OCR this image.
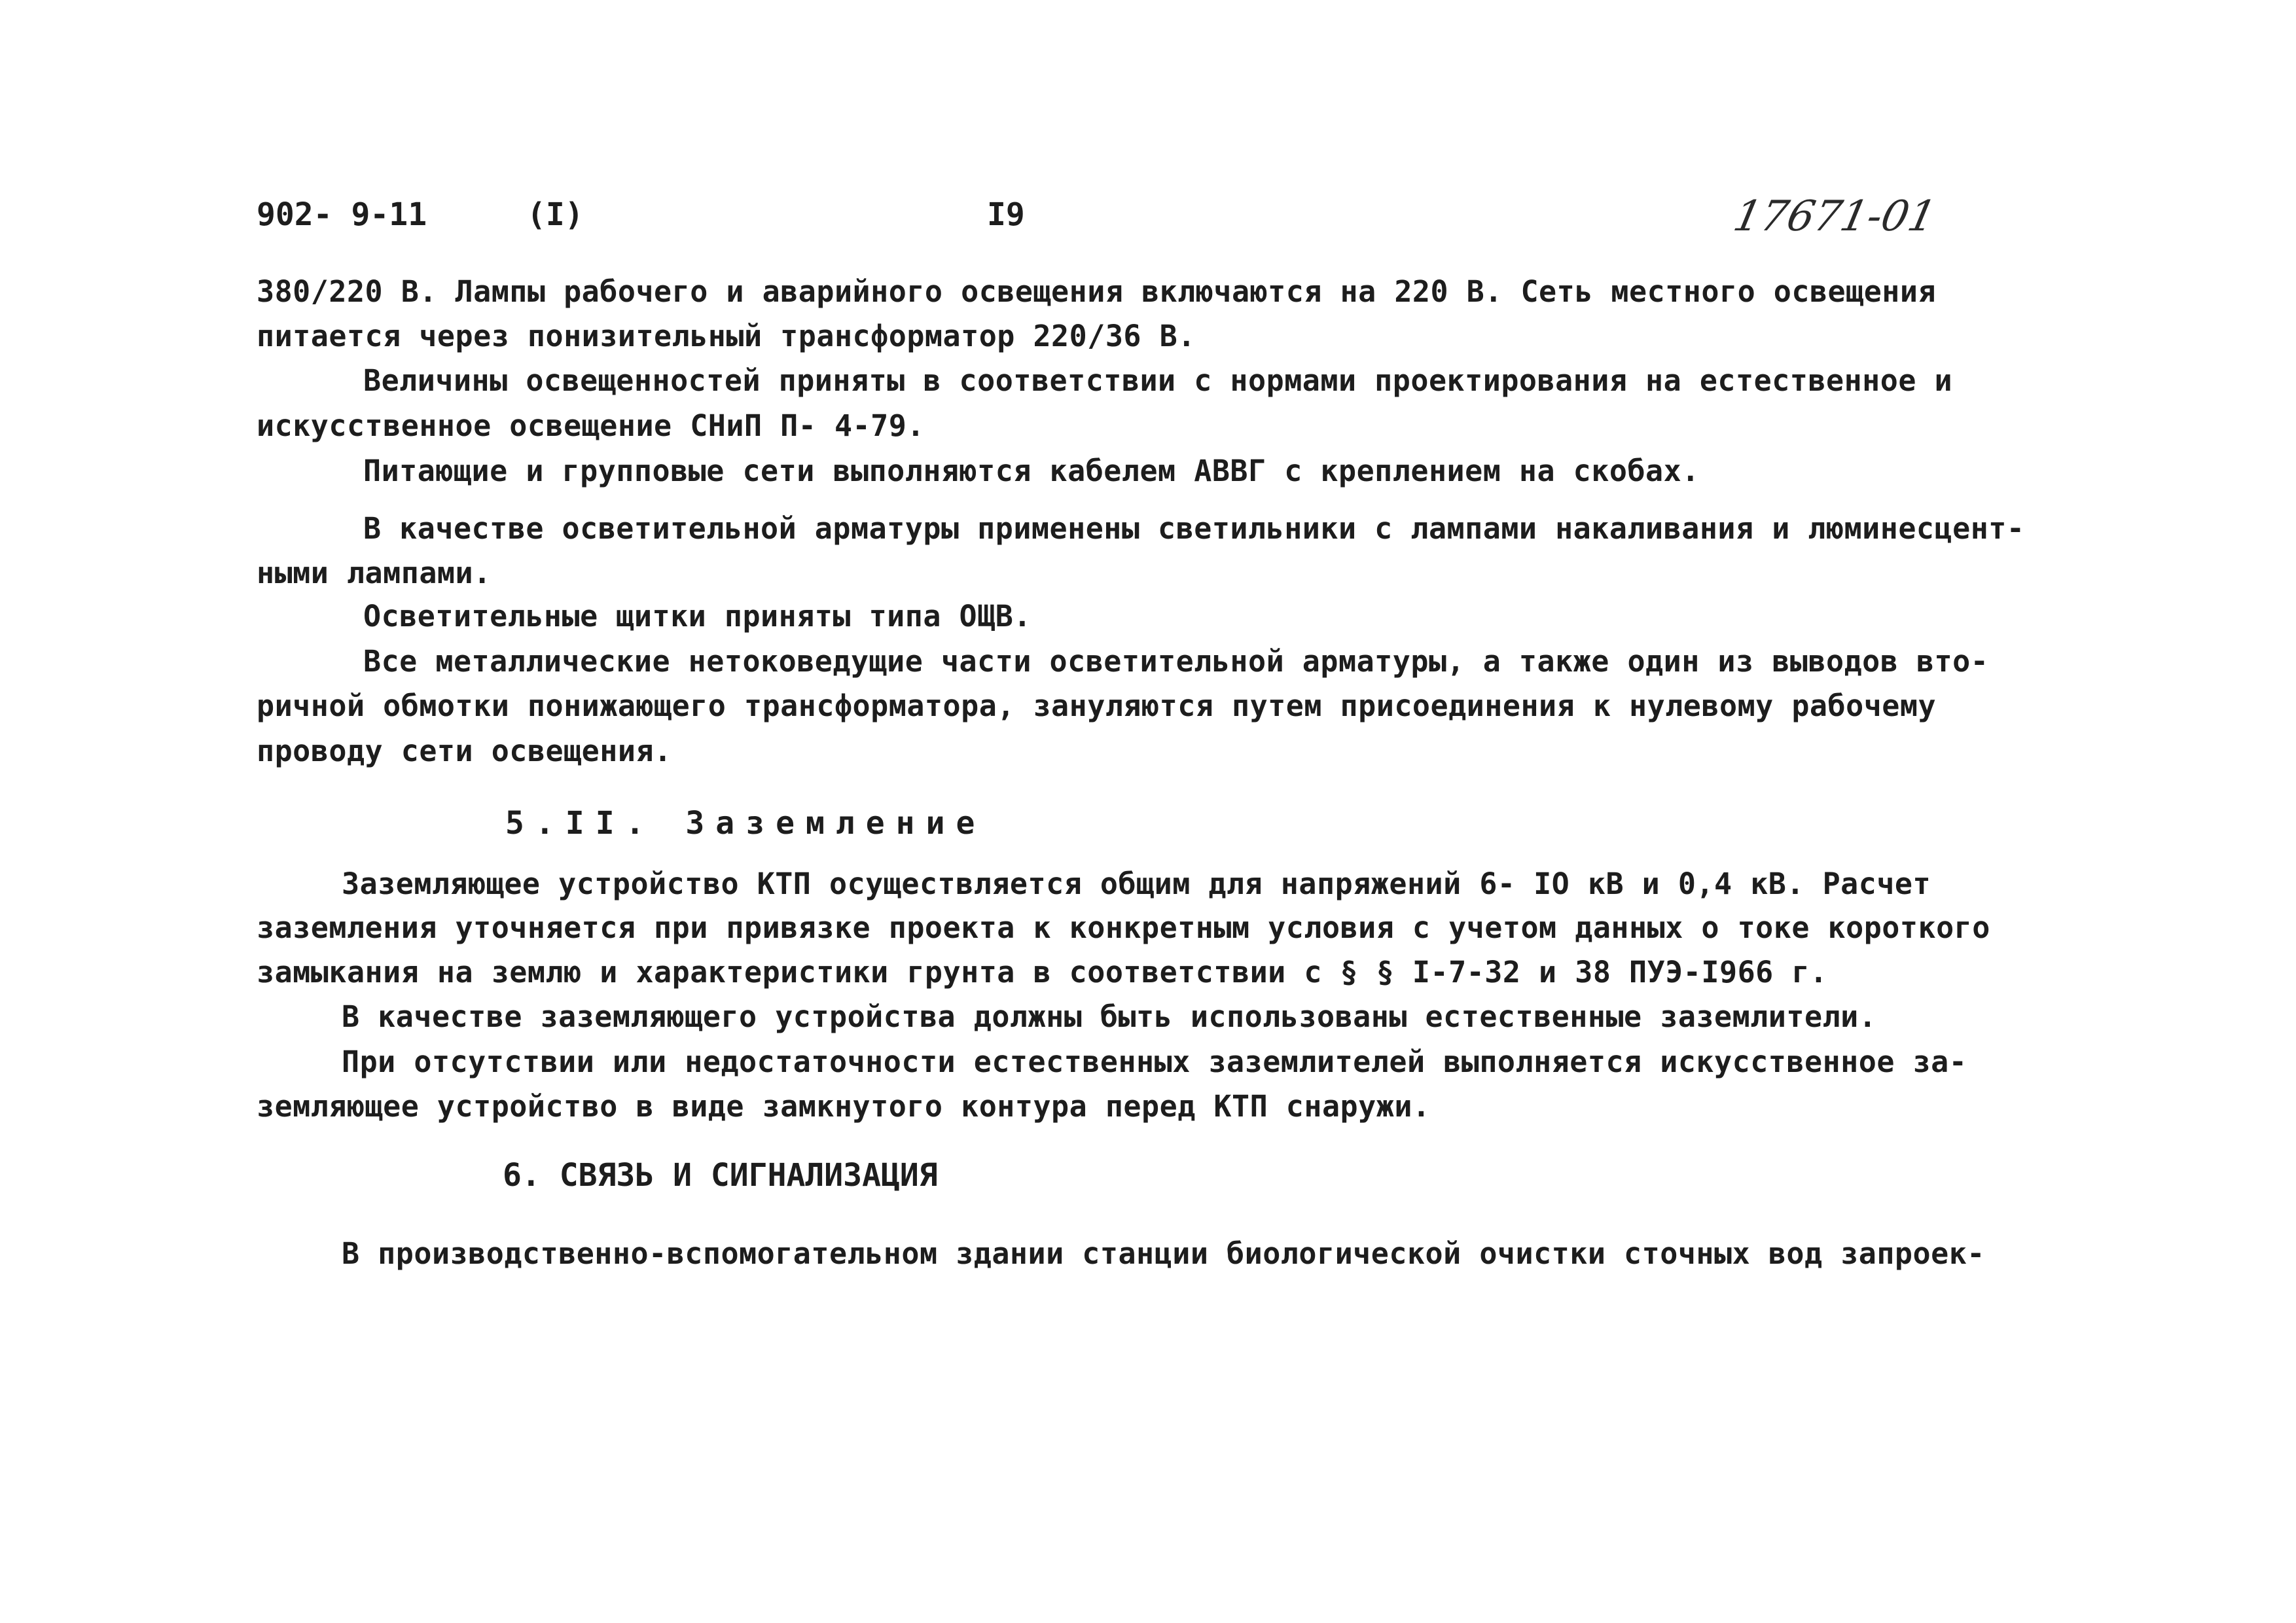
902- 9-11	(I)	I9	17671-01
380/220 В. Лампы рабочего и аварийного освещения включаются на 220 В. Сеть местного освещения
питается через понизительный трансформатор 220/36 В.
Величины освещенностей приняты в соответствии с нормами проектирования на естественное и
искусственное освещение СНиП П- 4-79.
Питающие и групповые сети выполняются кабелем АВВГ с креплением на скобах.
В качестве осветительной арматуры применены светильники с лампами накаливания и люминесцент-
ными лампами.
Осветительные щитки приняты типа ОЩВ.
Все металлические нетоковедущие части осветительной арматуры, а также один из выводов вто-
ричной обмотки понижающего трансформатора, зануляются путем присоединения к нулевому рабочему
проводу сети освещения.
5.II. Заземление
Заземляющее устройство КТП осуществляется общим для напряжений 6- IO кВ и 0,4 кВ. Расчет
заземления уточняется при привязке проекта к конкретным условия с учетом данных о токе короткого
замыкания на землю и характеристики грунта в соответствии с § § I-7-32 и 38 ПУЭ-I966 г.
В качестве заземляющего устройства должны быть использованы естественные заземлители.
При отсутствии или недостаточности естественных заземлителей выполняется искусственное за-
земляющее устройство в виде замкнутого контура перед КТП снаружи.
6. СВЯЗЬ И СИГНАЛИЗАЦИЯ
В производственно-вспомогательном здании станции биологической очистки сточных вод запроек-
